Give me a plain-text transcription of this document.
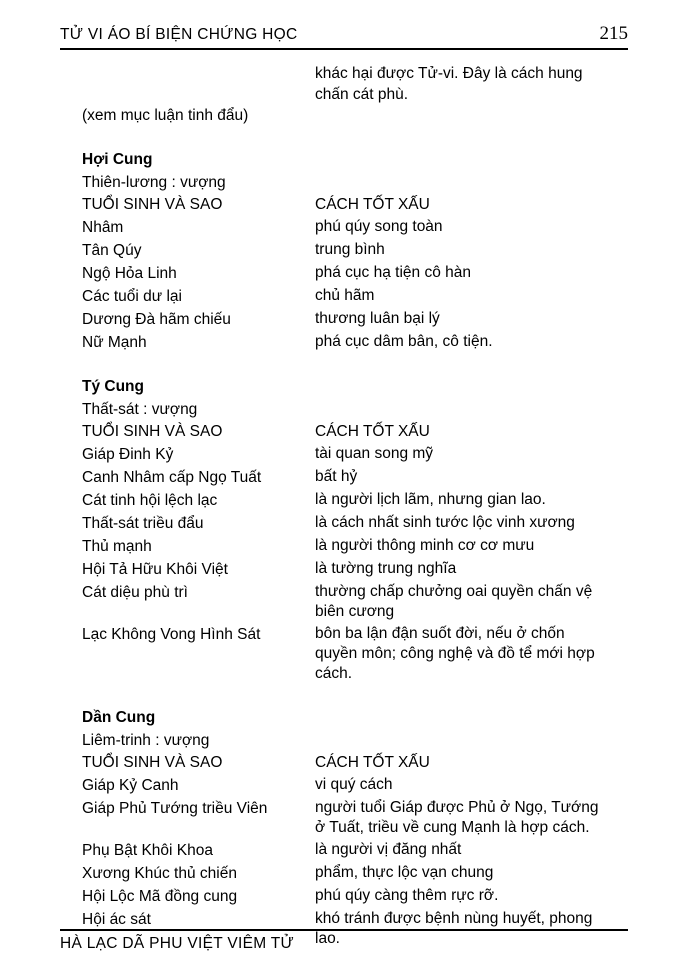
TỬ VI ÁO BÍ BIỆN CHỨNG HỌC	215

khác hại được Tử-vi. Đây là cách hung chấn cát phù.

(xem mục luận tinh đẩu)

Hợi Cung

Thiên-lương : vượng

TUỔI SINH VÀ SAO	CÁCH TỐT XẤU
Nhâm	phú qúy song toàn
Tân Qúy	trung bình
Ngộ Hỏa Linh	phá cục hạ tiện cô hàn
Các tuổi dư lại	chủ hãm
Dương Đà hãm chiếu	thương luân bại lý
Nữ Mạnh	phá cục dâm bân, cô tiện.
Tý Cung

Thất-sát : vượng

TUỔI SINH VÀ SAO	CÁCH TỐT XẤU
Giáp Đinh Kỷ	tài quan song mỹ
Canh Nhâm cấp Ngọ Tuất	bất hỷ
Cát tinh hội lệch lạc	là người lịch lãm, nhưng gian lao.
Thất-sát triều đẩu	là cách nhất sinh tước lộc vinh xương
Thủ mạnh	là người thông minh cơ cơ mưu
Hội Tả Hữu Khôi Việt	là tường trung nghĩa
Cát diệu phù trì	thường chấp chưởng oai quyền chấn vệ biên cương
Lạc Không Vong Hình Sát	bôn ba lận đận suốt đời, nếu ở chốn quyền môn; công nghệ và đồ tể mới hợp cách.
Dần Cung

Liêm-trinh : vượng

TUỔI SINH VÀ SAO	CÁCH TỐT XẤU
Giáp Kỷ Canh	vi quý cách
Giáp Phủ Tướng triều Viên	người tuổi Giáp được Phủ ở Ngọ, Tướng ở Tuất, triều về cung Mạnh là hợp cách.
Phụ Bật Khôi Khoa	là người vị đăng nhất
Xương Khúc thủ chiến	phẩm, thực lộc vạn chung
Hội Lộc Mã đồng cung	phú qúy càng thêm rực rỡ.
Hội ác sát	khó tránh được bệnh nùng huyết, phong lao.
HÀ LẠC DÃ PHU VIỆT VIÊM TỬ
